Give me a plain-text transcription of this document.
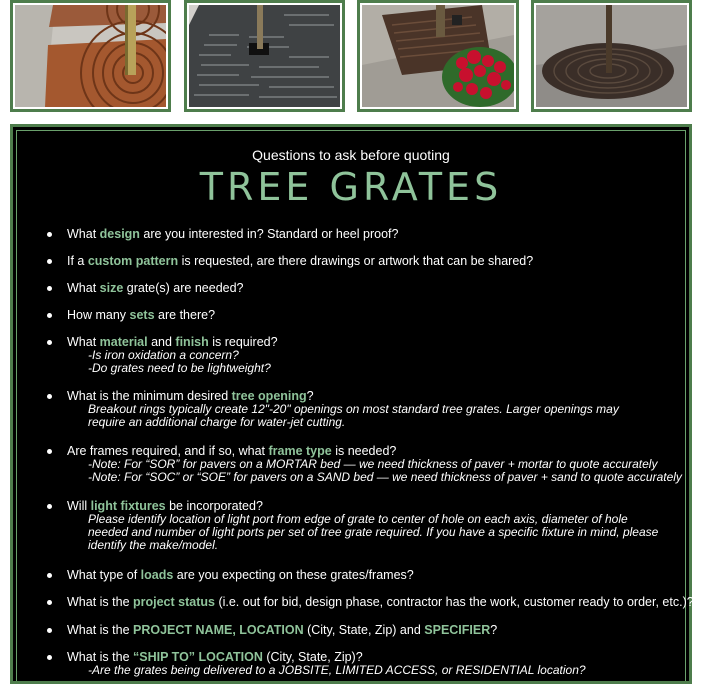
Questions to ask before quoting
TREE GRATES
What design are you interested in? Standard or heel proof?
If a custom pattern is requested, are there drawings or artwork that can be shared?
What size grate(s) are needed?
How many sets are there?
What material and finish is required?
-Is iron oxidation a concern?
-Do grates need to be lightweight?
What is the minimum desired tree opening?
Breakout rings typically create 12"-20" openings on most standard tree grates. Larger openings may
require an additional charge for water-jet cutting.
Are frames required, and if so, what frame type is needed?
-Note: For “SOR” for pavers on a MORTAR bed — we need thickness of paver + mortar to quote accurately
-Note: For “SOC” or “SOE” for pavers on a SAND bed — we need thickness of paver + sand to quote accurately
Will light fixtures be incorporated?
Please identify location of light port from edge of grate to center of hole on each axis, diameter of hole
needed and number of light ports per set of tree grate required. If you have a specific fixture in mind, please
identify the make/model.
What type of loads are you expecting on these grates/frames?
What is the project status (i.e. out for bid, design phase, contractor has the work, customer ready to order, etc.)?
What is the PROJECT NAME, LOCATION (City, State, Zip) and SPECIFIER?
What is the “SHIP TO” LOCATION (City, State, Zip)?
-Are the grates being delivered to a JOBSITE, LIMITED ACCESS, or RESIDENTIAL location?
